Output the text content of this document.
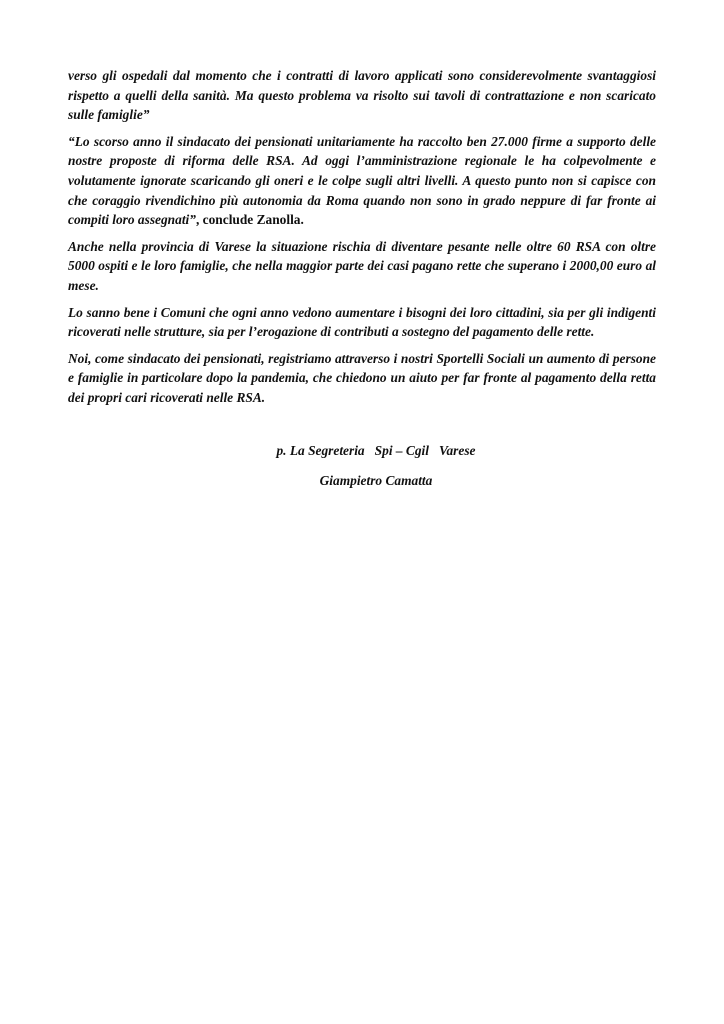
verso gli ospedali dal momento che i contratti di lavoro applicati sono considerevolmente svantaggiosi rispetto a quelli della sanità. Ma questo problema va risolto sui tavoli di contrattazione e non scaricato sulle famiglie”

“Lo scorso anno il sindacato dei pensionati unitariamente ha raccolto ben 27.000 firme a supporto delle nostre proposte di riforma delle RSA. Ad oggi l’amministrazione regionale le ha colpevolmente e volutamente ignorate scaricando gli oneri e le colpe sugli altri livelli. A questo punto non si capisce con che coraggio rivendichino più autonomia da Roma quando non sono in grado neppure di far fronte ai compiti loro assegnati”, conclude Zanolla.

Anche nella provincia di Varese la situazione rischia di diventare pesante nelle oltre 60 RSA con oltre 5000 ospiti e le loro famiglie, che nella maggior parte dei casi pagano rette che superano i 2000,00 euro al mese.

Lo sanno bene i Comuni che ogni anno vedono aumentare i bisogni dei loro cittadini, sia per gli indigenti ricoverati nelle strutture, sia per l’erogazione di contributi a sostegno del pagamento delle rette.

Noi, come sindacato dei pensionati, registriamo attraverso i nostri Sportelli Sociali un aumento di persone e famiglie in particolare dopo la pandemia, che chiedono un aiuto per far fronte al pagamento della retta dei propri cari ricoverati nelle RSA.

p. La Segreteria   Spi – Cgil   Varese

Giampietro Camatta
